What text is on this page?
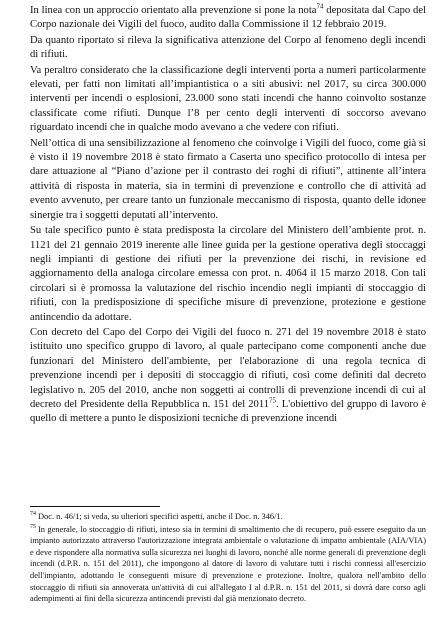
In linea con un approccio orientato alla prevenzione si pone la nota$^{74}$ depositata dal Capo del Corpo nazionale dei Vigili del fuoco, audito dalla Commissione il 12 febbraio 2019.

Da quanto riportato si rileva la significativa attenzione del Corpo al fenomeno degli incendi di rifiuti.

Va peraltro considerato che la classificazione degli interventi porta a numeri particolarmente elevati, per fatti non limitati all’impiantistica o a siti abusivi: nel 2017, su circa 300.000 interventi per incendi o esplosioni, 23.000 sono stati incendi che hanno coinvolto sostanze classificate come rifiuti. Dunque l’8 per cento degli interventi di soccorso avevano riguardato incendi che in qualche modo avevano a che vedere con rifiuti.

Nell’ottica di una sensibilizzazione al fenomeno che coinvolge i Vigili del fuoco, come già si è visto il 19 novembre 2018 è stato firmato a Caserta uno specifico protocollo di intesa per dare attuazione al “Piano d’azione per il contrasto dei roghi di rifiuti”, attinente all’intera attività di risposta in materia, sia in termini di prevenzione e controllo che di attività ad evento avvenuto, per creare tanto un funzionale meccanismo di risposta, quanto delle idonee sinergie tra i soggetti deputati all’intervento.

Su tale specifico punto è stata predisposta la circolare del Ministero dell’ambiente prot. n. 1121 del 21 gennaio 2019 inerente alle linee guida per la gestione operativa degli stoccaggi negli impianti di gestione dei rifiuti per la prevenzione dei rischi, in revisione ed aggiornamento della analoga circolare emessa con prot. n. 4064 il 15 marzo 2018. Con tali circolari si è promossa la valutazione del rischio incendio negli impianti di stoccaggio di rifiuti, con la predisposizione di specifiche misure di prevenzione, protezione e gestione antincendio da adottare.

Con decreto del Capo del Corpo dei Vigili del fuoco n. 271 del 19 novembre 2018 è stato istituito uno specifico gruppo di lavoro, al quale partecipano come componenti anche due funzionari del Ministero dell'ambiente, per l'elaborazione di una regola tecnica di prevenzione incendi per i depositi di stoccaggio di rifiuti, così come definiti dal decreto legislativo n. 205 del 2010, anche non soggetti ai controlli di prevenzione incendi di cui al decreto del Presidente della Repubblica n. 151 del 2011$^{75}$. L'obiettivo del gruppo di lavoro è quello di mettere a punto le disposizioni tecniche di prevenzione incendi

$^{74}$ Doc. n. 46/1; si veda, su ulteriori specifici aspetti, anche il Doc. n. 346/1.

$^{75}$ In generale, lo stoccaggio di rifiuti, inteso sia in termini di smaltimento che di recupero, può essere eseguito da un impianto autorizzato attraverso l'autorizzazione integrata ambientale o valutazione di impatto ambientale (AIA/VIA) e deve rispondere alla normativa sulla sicurezza nei luoghi di lavoro, nonché alle norme generali di prevenzione degli incendi (d.P.R. n. 151 del 2011), che impongono al datore di lavoro di valutare tutti i rischi connessi all'esercizio dell'impianto, adottando le conseguenti misure di prevenzione e protezione. Inoltre, qualora nell'ambito dello stoccaggio di rifiuti sia annoverata un'attività di cui all'allegato I al d.P.R. n. 151 del 2011, si dovrà dare corso agli adempimenti ai fini della sicurezza antincendi previsti dal già menzionato decreto.
